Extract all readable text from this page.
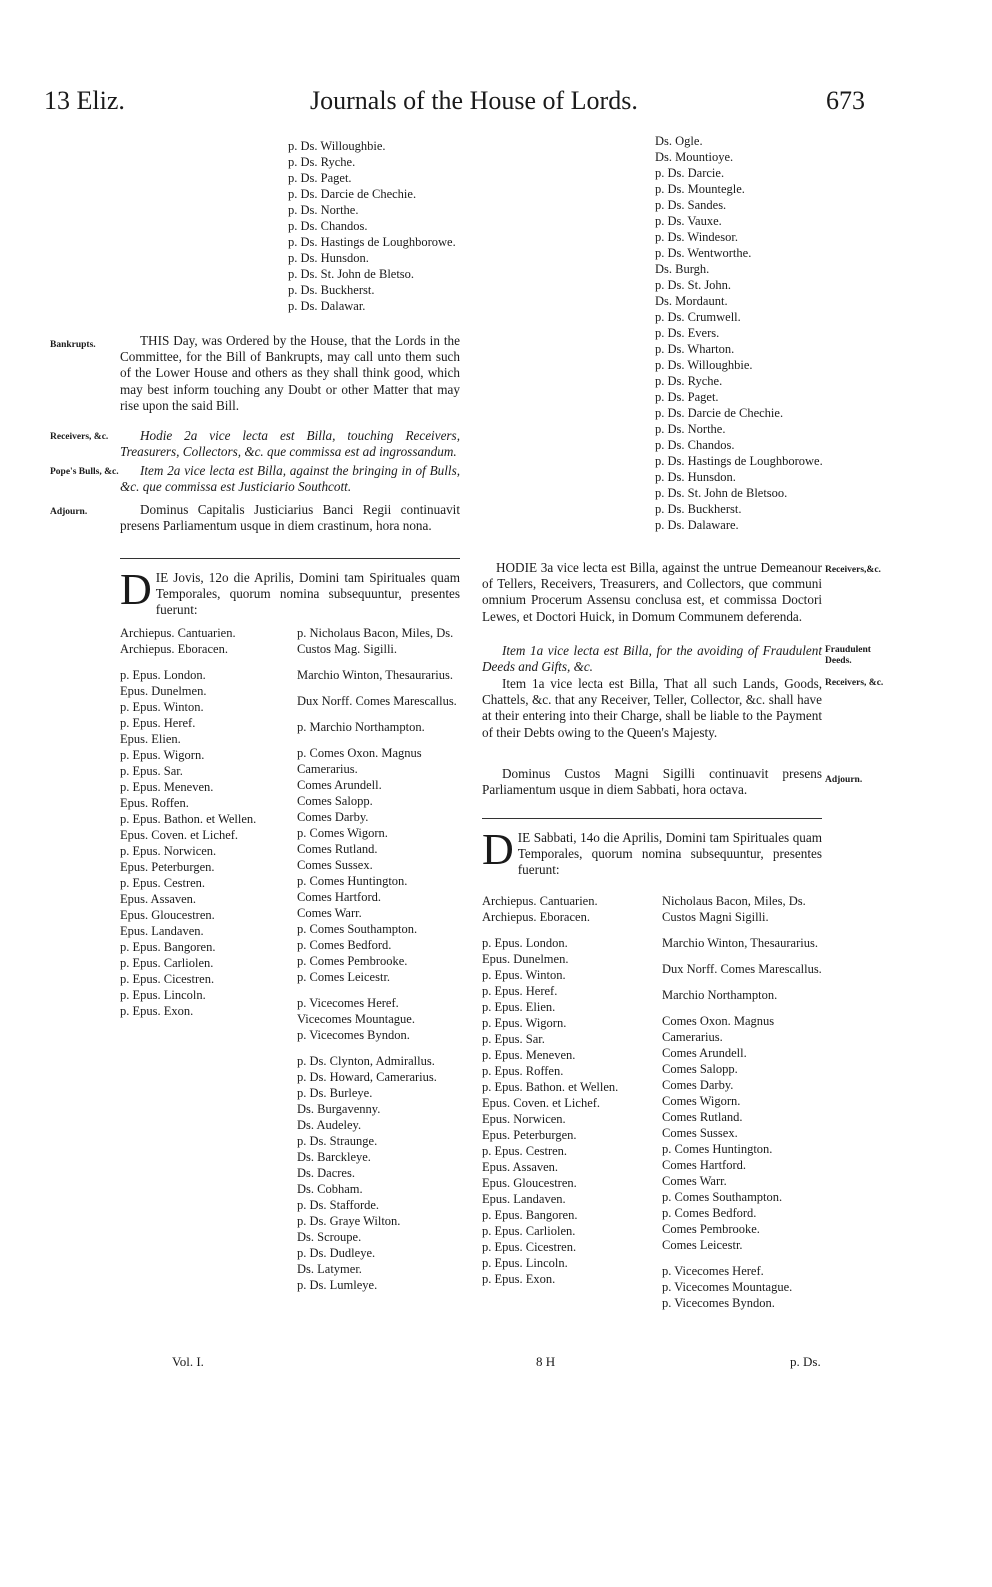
13 Eliz.	Journals of the House of Lords.	673
p. Ds. Willoughbie.
p. Ds. Ryche.
p. Ds. Paget.
p. Ds. Darcie de Chechie.
p. Ds. Northe.
p. Ds. Chandos.
p. Ds. Hastings de Loughborowe.
p. Ds. Hunsdon.
p. Ds. St. John de Bletso.
p. Ds. Buckherst.
p. Ds. Dalawar.
Ds. Ogle.
Ds. Mountioye.
p. Ds. Darcie.
p. Ds. Mountegle.
p. Ds. Sandes.
p. Ds. Vauxe.
p. Ds. Windesor.
p. Ds. Wentworthe.
Ds. Burgh.
p. Ds. St. John.
Ds. Mordaunt.
p. Ds. Crumwell.
p. Ds. Evers.
p. Ds. Wharton.
p. Ds. Willoughbie.
p. Ds. Ryche.
p. Ds. Paget.
p. Ds. Darcie de Chechie.
p. Ds. Northe.
p. Ds. Chandos.
p. Ds. Hastings de Loughborowe.
p. Ds. Hunsdon.
p. Ds. St. John de Bletsoo.
p. Ds. Buckherst.
p. Ds. Dalaware.
Bankrupts.	THIS Day, was Ordered by the House, that the Lords in the Committee, for the Bill of Bankrupts, may call unto them such of the Lower House and others as they shall think good, which may best inform touching any Doubt or other Matter that may rise upon the said Bill.

Receivers, &c.	Hodie 2a vice lecta est Billa, touching Receivers, Treasurers, Collectors, &c. que commissa est ad ingrossandum.

Pope's Bulls, &c.	Item 2a vice lecta est Billa, against the bringing in of Bulls, &c. que commissa est Justiciario Southcott.

Adjourn.	Dominus Capitalis Justiciarius Banci Regii continuavit presens Parliamentum usque in diem crastinum, hora nona.

D IE Jovis, 12o die Aprilis, Domini tam Spirituales quam Temporales, quorum nomina subsequuntur, presentes fuerunt:
Archiepus. Cantuarien.
Archiepus. Eboracen.
p. Epus. London.
Epus. Dunelmen.
p. Epus. Winton.
p. Epus. Heref.
Epus. Elien.
p. Epus. Wigorn.
p. Epus. Sar.
p. Epus. Meneven.
Epus. Roffen.
p. Epus. Bathon. et Wellen.
Epus. Coven. et Lichef.
p. Epus. Norwicen.
Epus. Peterburgen.
p. Epus. Cestren.
Epus. Assaven.
Epus. Gloucestren.
Epus. Landaven.
p. Epus. Bangoren.
p. Epus. Carliolen.
p. Epus. Cicestren.
p. Epus. Lincoln.
p. Epus. Exon.
p. Nicholaus Bacon, Miles, Ds. Custos Mag. Sigilli.
Marchio Winton, Thesaurarius.
Dux Norff. Comes Marescallus.
p. Marchio Northampton.
p. Comes Oxon. Magnus Camerarius.
Comes Arundell.
Comes Salopp.
Comes Darby.
p. Comes Wigorn.
Comes Rutland.
Comes Sussex.
p. Comes Huntington.
Comes Hartford.
Comes Warr.
p. Comes Southampton.
p. Comes Bedford.
p. Comes Pembrooke.
p. Comes Leicestr.
p. Vicecomes Heref.
Vicecomes Mountague.
p. Vicecomes Byndon.
p. Ds. Clynton, Admirallus.
p. Ds. Howard, Camerarius.
p. Ds. Burleye.
Ds. Burgavenny.
Ds. Audeley.
p. Ds. Straunge.
Ds. Barckleye.
Ds. Dacres.
Ds. Cobham.
p. Ds. Stafforde.
p. Ds. Graye Wilton.
Ds. Scroupe.
p. Ds. Dudleye.
Ds. Latymer.
p. Ds. Lumleye.
Receivers,&c.

HODIE 3a vice lecta est Billa, against the untrue Demeanour of Tellers, Receivers, Treasurers, and Collectors, que communi omnium Procerum Assensu conclusa est, et commissa Doctori Lewes, et Doctori Huick, in Domum Communem deferenda.

Fraudulent Deeds.

Item 1a vice lecta est Billa, for the avoiding of Fraudulent Deeds and Gifts, &c.

Receivers, &c.

Item 1a vice lecta est Billa, That all such Lands, Goods, Chattels, &c. that any Receiver, Teller, Collector, &c. shall have at their entering into their Charge, shall be liable to the Payment of their Debts owing to the Queen's Majesty.

Adjourn.

Dominus Custos Magni Sigilli continuavit presens Parliamentum usque in diem Sabbati, hora octava.

D IE Sabbati, 14o die Aprilis, Domini tam Spirituales quam Temporales, quorum nomina subsequuntur, presentes fuerunt:
Archiepus. Cantuarien.
Archiepus. Eboracen.
p. Epus. London.
Epus. Dunelmen.
p. Epus. Winton.
p. Epus. Heref.
p. Epus. Elien.
p. Epus. Wigorn.
p. Epus. Sar.
p. Epus. Meneven.
p. Epus. Roffen.
p. Epus. Bathon. et Wellen.
Epus. Coven. et Lichef.
Epus. Norwicen.
Epus. Peterburgen.
p. Epus. Cestren.
Epus. Assaven.
Epus. Gloucestren.
Epus. Landaven.
p. Epus. Bangoren.
p. Epus. Carliolen.
p. Epus. Cicestren.
p. Epus. Lincoln.
p. Epus. Exon.
Nicholaus Bacon, Miles, Ds. Custos Magni Sigilli.
Marchio Winton, Thesaurarius.
Dux Norff. Comes Marescallus.
Marchio Northampton.
Comes Oxon. Magnus Camerarius.
Comes Arundell.
Comes Salopp.
Comes Darby.
Comes Wigorn.
Comes Rutland.
Comes Sussex.
p. Comes Huntington.
Comes Hartford.
Comes Warr.
p. Comes Southampton.
p. Comes Bedford.
Comes Pembrooke.
Comes Leicestr.
p. Vicecomes Heref.
p. Vicecomes Mountague.
p. Vicecomes Byndon.
Vol. I.	8 H	p. Ds.
